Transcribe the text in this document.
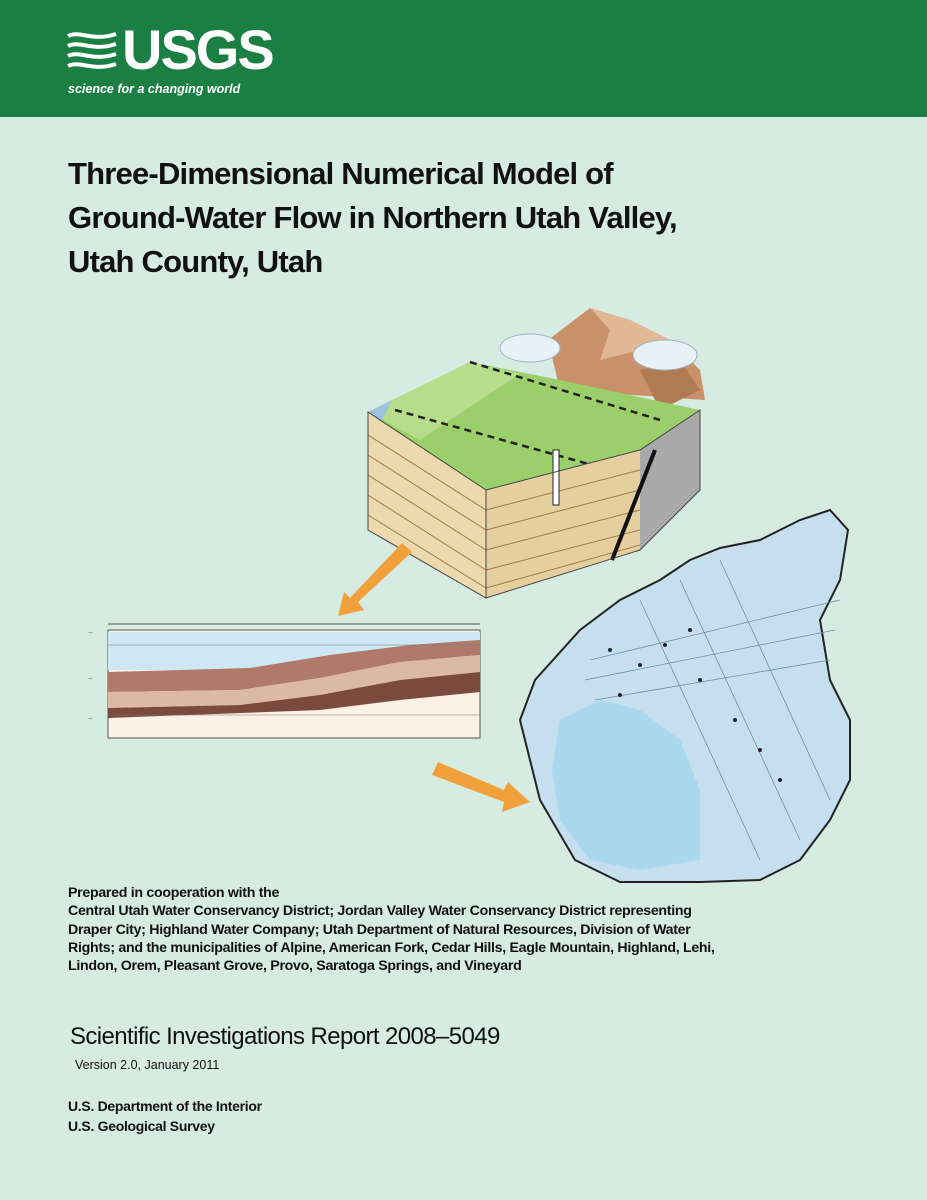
USGS
science for a changing world
Three-Dimensional Numerical Model of
Ground-Water Flow in Northern Utah Valley,
Utah County, Utah
—
—
—
Prepared in cooperation with the
Central Utah Water Conservancy District; Jordan Valley Water Conservancy District representing
Draper City; Highland Water Company; Utah Department of Natural Resources, Division of Water
Rights; and the municipalities of Alpine, American Fork, Cedar Hills, Eagle Mountain, Highland, Lehi,
Lindon, Orem, Pleasant Grove, Provo, Saratoga Springs, and Vineyard
Scientific Investigations Report 2008–5049
Version 2.0, January 2011
U.S. Department of the Interior
U.S. Geological Survey
